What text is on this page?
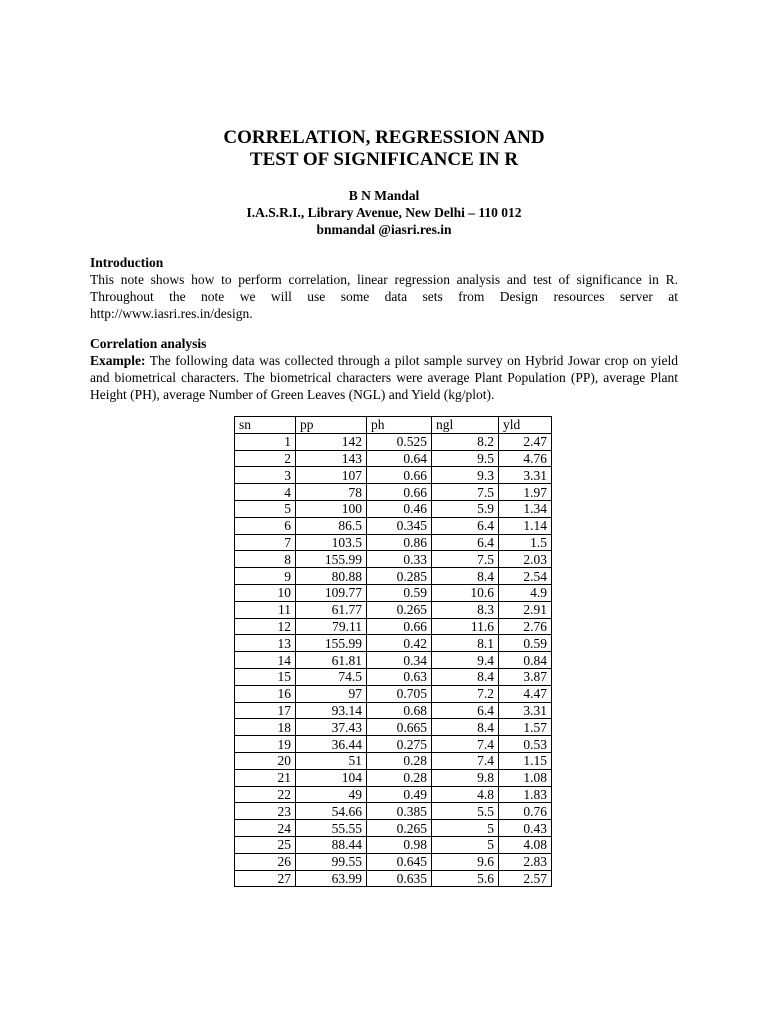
CORRELATION, REGRESSION AND
TEST OF SIGNIFICANCE IN R
B N Mandal
I.A.S.R.I., Library Avenue, New Delhi – 110 012
bnmandal @iasri.res.in
Introduction
This note shows how to perform correlation, linear regression analysis and test of significance in R. Throughout the note we will use some data sets from Design resources server at http://www.iasri.res.in/design.
Correlation analysis
Example: The following data was collected through a pilot sample survey on Hybrid Jowar crop on yield and biometrical characters. The biometrical characters were average Plant Population (PP), average Plant Height (PH), average Number of Green Leaves (NGL) and Yield (kg/plot).
sn	pp	ph	ngl	yld
1	142	0.525	8.2	2.47
2	143	0.64	9.5	4.76
3	107	0.66	9.3	3.31
4	78	0.66	7.5	1.97
5	100	0.46	5.9	1.34
6	86.5	0.345	6.4	1.14
7	103.5	0.86	6.4	1.5
8	155.99	0.33	7.5	2.03
9	80.88	0.285	8.4	2.54
10	109.77	0.59	10.6	4.9
11	61.77	0.265	8.3	2.91
12	79.11	0.66	11.6	2.76
13	155.99	0.42	8.1	0.59
14	61.81	0.34	9.4	0.84
15	74.5	0.63	8.4	3.87
16	97	0.705	7.2	4.47
17	93.14	0.68	6.4	3.31
18	37.43	0.665	8.4	1.57
19	36.44	0.275	7.4	0.53
20	51	0.28	7.4	1.15
21	104	0.28	9.8	1.08
22	49	0.49	4.8	1.83
23	54.66	0.385	5.5	0.76
24	55.55	0.265	5	0.43
25	88.44	0.98	5	4.08
26	99.55	0.645	9.6	2.83
27	63.99	0.635	5.6	2.57
